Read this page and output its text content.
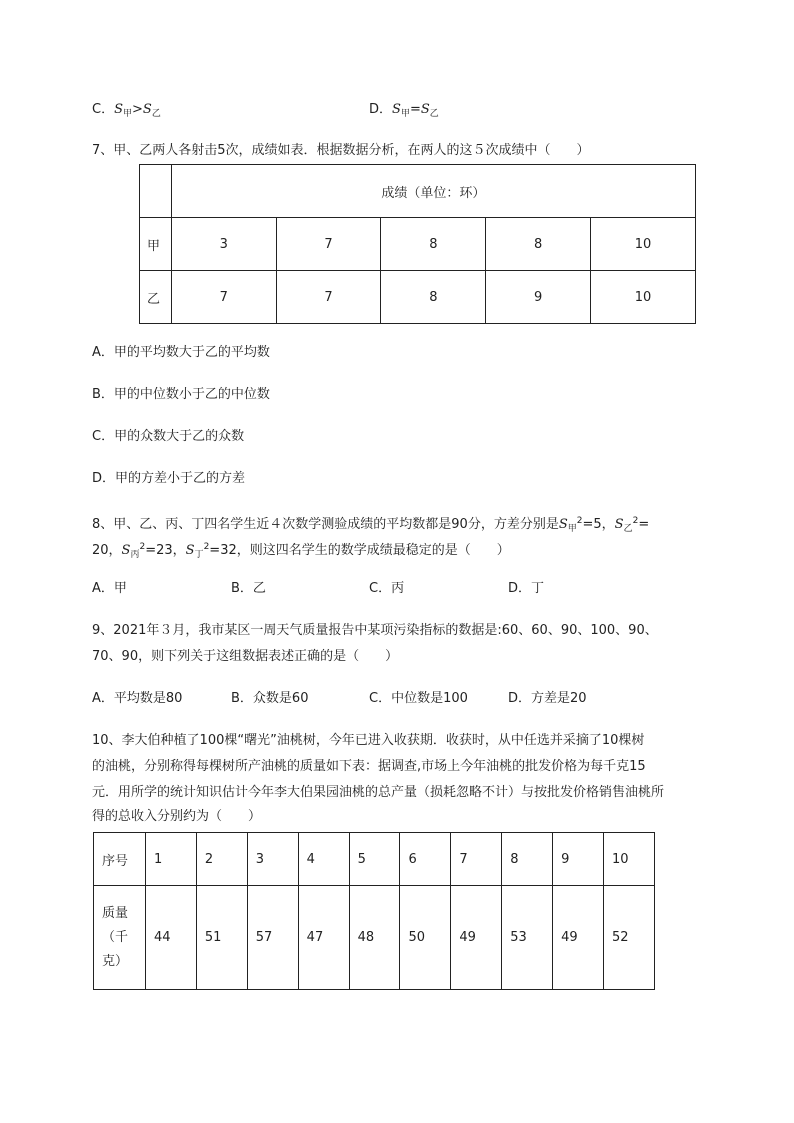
C．$S_甲>S_乙$	D．$S_甲=S_乙$
7、甲、乙两人各射击5次，成绩如表．根据数据分析，在两人的这５次成绩中（　　）
	成绩（单位：环）				
甲	3	7	8	8	10
乙	7	7	8	9	10
A．甲的平均数大于乙的平均数
B．甲的中位数小于乙的中位数
C．甲的众数大于乙的众数
D．甲的方差小于乙的方差
8、甲、乙、丙、丁四名学生近４次数学测验成绩的平均数都是90分，方差分别是$S_甲^2=5$，$S_乙^2=$
20，$S_丙^2=23$，$S_丁^2=32$，则这四名学生的数学成绩最稳定的是（　　）
A．甲	B．乙	C．丙	D．丁
9、2021年３月，我市某区一周天气质量报告中某项污染指标的数据是:60、60、90、100、90、
70、90，则下列关于这组数据表述正确的是（　　）
A．平均数是80	B．众数是60	C．中位数是100	D．方差是20
10、李大伯种植了100棵“曙光”油桃树，今年已进入收获期．收获时，从中任选并采摘了10棵树
的油桃，分别称得每棵树所产油桃的质量如下表：据调查,市场上今年油桃的批发价格为每千克15
元．用所学的统计知识估计今年李大伯果园油桃的总产量（损耗忽略不计）与按批发价格销售油桃所
得的总收入分别约为（　　）
序号	1	2	3	4	5	6	7	8	9	10

质量
（千
克）	44	51	57	47	48	50	49	53	49	52
